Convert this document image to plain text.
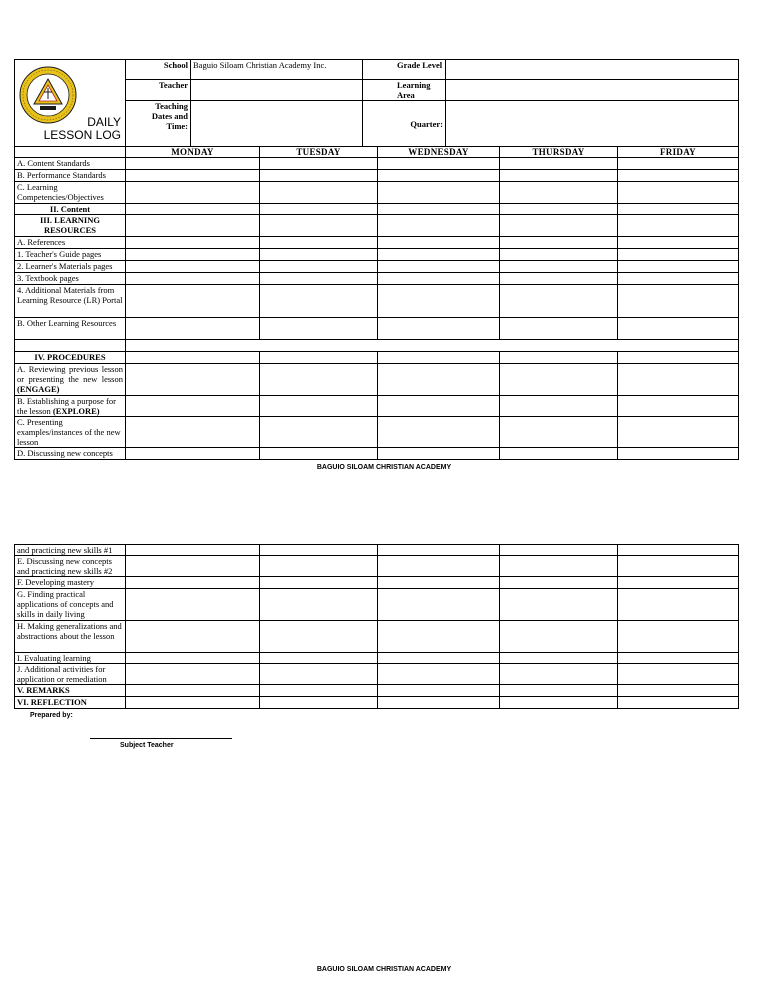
DAILY
LESSON LOG	School	Baguio Siloam Christian Academy Inc.	Grade Level	
	Teacher		Learning Area	
	Teaching Dates and Time:		Quarter:	
	MONDAY	TUESDAY	WEDNESDAY	THURSDAY	FRIDAY
A. Content Standards					
B. Performance Standards					
C. Learning Competencies/Objectives					
II. Content					
III. LEARNING RESOURCES					
A. References					
1. Teacher's Guide pages					
2. Learner's Materials pages					
3. Textbook pages					
4. Additional Materials from Learning Resource (LR) Portal					
B. Other Learning Resources					

IV. PROCEDURES					
A. Reviewing previous lesson or presenting the new lesson (ENGAGE)					
B. Establishing a purpose for the lesson (EXPLORE)					
C. Presenting examples/instances of the new lesson					
D. Discussing new concepts					
BAGUIO SILOAM CHRISTIAN ACADEMY
and practicing new skills #1					
E. Discussing new concepts and practicing new skills #2					
F. Developing mastery					
G. Finding practical applications of concepts and skills in daily living					
H. Making generalizations and abstractions about the lesson					
I. Evaluating learning					
J. Additional activities for application or remediation					
V. REMARKS					
VI. REFLECTION					
Prepared by:
Subject Teacher
BAGUIO SILOAM CHRISTIAN ACADEMY
